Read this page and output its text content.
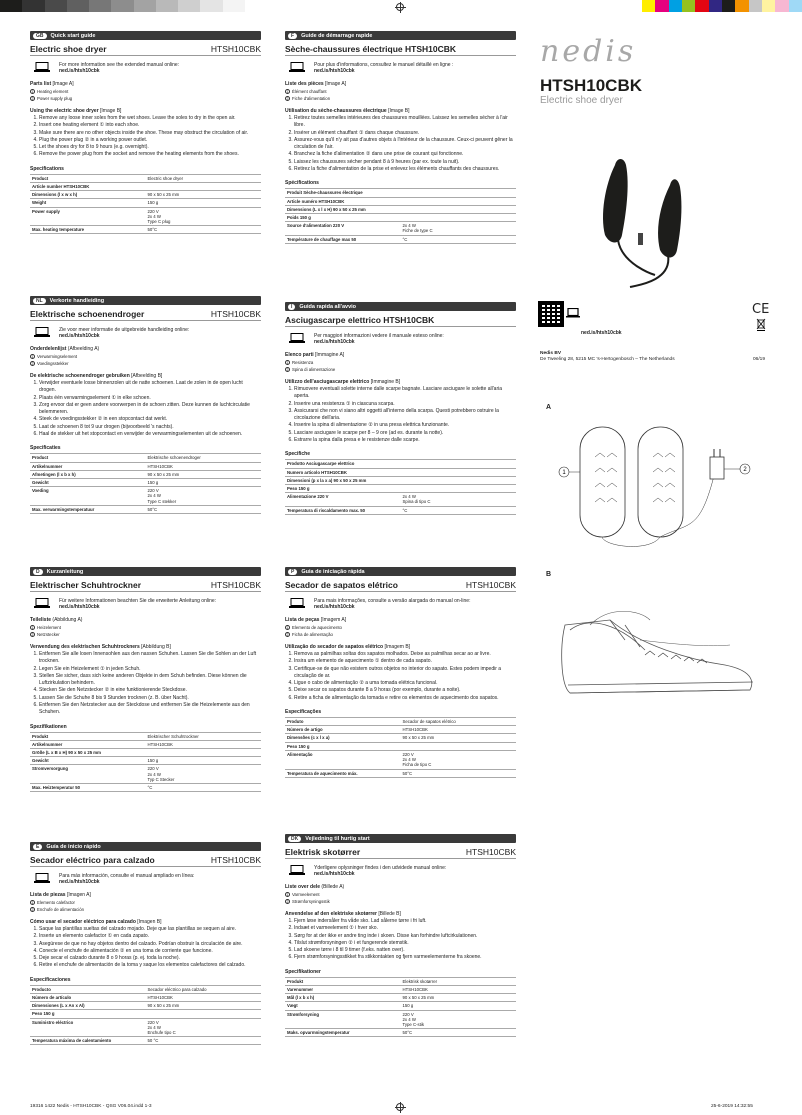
GB	Quick start guide
Electric shoe dryer	HTSH10CBK
For more information see the extended manual online:
ned.is/htsh10cbk
Parts list [Image A]
1 Heating element
2 Power supply plug
Using the electric shoe dryer [Image B]
1. Remove any loose inner soles from the wet shoes. Leave the soles to dry in the open air.
2. Insert one heating element ① into each shoe.
3. Make sure there are no other objects inside the shoe. These may obstruct the circulation of air.
4. Plug the power plug ② in a working power outlet.
5. Let the shoes dry for 8 to 9 hours (e.g. overnight).
6. Remove the power plug from the socket and remove the heating elements from the shoes.
Specifications
Product	Electric shoe dryer
Article number HTSH10CBK	
Dimensions (l x w x h)	90 x 50 x 25 mm
Weight	150 g
Power supply	220 V
2x 4 W
Type C plug
Max. heating temperature	50°C
NL	Verkorte handleiding
Elektrische schoenendroger	HTSH10CBK
Zie voor meer informatie de uitgebreide handleiding online:
ned.is/htsh10cbk
Onderdelenlijst (Afbeelding A)
1 Verwarmingselement
2 Voedingsstekker
De elektrische schoenendroger gebruiken [Afbeelding B]
1. Verwijder eventuele losse binnenzolen uit de natte schoenen. Laat de zolen in de open lucht drogen.
2. Plaats één verwarmingselement ① in elke schoen.
3. Zorg ervoor dat er geen andere voorwerpen in de schoen zitten. Deze kunnen de luchtcirculatie belemmeren.
4. Steek de voedingsstekker ② in een stopcontact dat werkt.
5. Laat de schoenen 8 tot 9 uur drogen (bijvoorbeeld 's nachts).
6. Haal de stekker uit het stopcontact en verwijder de verwarmingselementen uit de schoenen.
Specificaties
Product	Elektrische schoenendroger
Artikelnummer	HTSH10CBK
Afmetingen (l x b x h)	90 x 50 x 25 mm
Gewicht	150 g
Voeding	220 V
2x 4 W
Type C stekker
Max. verwarmingstemperatuur	50°C
D	Kurzanleitung
Elektrischer Schuhtrockner	HTSH10CBK
Für weitere Informationen beachten Sie die erweiterte Anleitung online:
ned.is/htsh10cbk
Teileliste (Abbildung A)
1 Heizelement
2 Netzstecker
Verwendung des elektrischen Schuhtrockners [Abbildung B]
1. Entfernen Sie alle losen Innensohlen aus den nassen Schuhen. Lassen Sie die Sohlen an der Luft trocknen.
2. Legen Sie ein Heizelement ① in jeden Schuh.
3. Stellen Sie sicher, dass sich keine anderen Objekte in dem Schuh befinden. Diese können die Luftzirkulation behindern.
4. Stecken Sie den Netzstecker ② in eine funktionierende Steckdose.
5. Lassen Sie die Schuhe 8 bis 9 Stunden trocknen (z. B. über Nacht).
6. Entfernen Sie den Netzstecker aus der Steckdose und entfernen Sie die Heizelemente aus den Schuhen.
Spezifikationen
Produkt	Elektrischer Schuhtrockner
Artikelnummer	HTSH10CBK
Größe (L x B x H) 90 x 50 x 25 mm	
Gewicht	150 g
Stromversorgung	220 V
2x 4 W
Typ C Stecker
Max. Heiztemperatur 50	°C
E	Guía de inicio rápido
Secador eléctrico para calzado	HTSH10CBK
Para más información, consulte el manual ampliado en línea:
ned.is/htsh10cbk
Lista de piezas [Imagen A]
1 Elemento calefactor
2 Enchufe de alimentación
Cómo usar el secador eléctrico para calzado [Imagen B]
1. Saque las plantillas sueltas del calzado mojado. Deje que las plantillas se sequen al aire.
2. Inserte un elemento calefactor ① en cada zapato.
3. Asegúrese de que no hay objetos dentro del calzado. Podrían obstruir la circulación de aire.
4. Conecte el enchufe de alimentación ② en una toma de corriente que funcione.
5. Deje secar el calzado durante 8 o 9 horas (p. ej. toda la noche).
6. Retire el enchufe de alimentación de la toma y saque los elementos calefactores del calzado.
Especificaciones
Producto	Secador eléctrico para calzado
Número de artículo	HTSH10CBK
Dimensiones (L x An x Al)	90 x 50 x 25 mm
Peso 150 g	
Suministro eléctrico	220 V
2x 4 W
Enchufe tipo C
Temperatura máxima de calentamiento	50 °C
F	Guide de démarrage rapide
Sèche-chaussures électrique HTSH10CBK
Pour plus d'informations, consultez le manuel détaillé en ligne :
ned.is/htsh10cbk
Liste des pièces [Image A]
1 Élément chauffant
2 Fiche d'alimentation
Utilisation du sèche-chaussures électrique [Image B]
1. Retirez toutes semelles intérieures des chaussures mouillées. Laissez les semelles sécher à l'air libre.
2. Insérer un élément chauffant ① dans chaque chaussure.
3. Assurez-vous qu'il n'y ait pas d'autres objets à l'intérieur de la chaussure. Ceux-ci peuvent gêner la circulation de l'air.
4. Branchez la fiche d'alimentation ② dans une prise de courant qui fonctionne.
5. Laissez les chaussures sécher pendant 8 à 9 heures (par ex. toute la nuit).
6. Retirez la fiche d'alimentation de la prise et enlevez les éléments chauffants des chaussures.
Spécifications
Produit Sèche-chaussures électrique	
Article numéro HTSH10CBK	
Dimensions (L x l x H) 90 x 50 x 25 mm	
Poids 150 g	
Source d'alimentation 220 V	2x 4 W
Fiche de type C
Température de chauffage max 50	°C
I	Guida rapida all'avvio
Asciugascarpe elettrico HTSH10CBK
Per maggiori informazioni vedere il manuale esteso online:
ned.is/htsh10cbk
Elenco parti [Immagine A]
1 Resistenza
2 Spina di alimentazione
Utilizzo dell'asciugascarpe elettrico [Immagine B]
1. Rimuovere eventuali solette interne dalle scarpe bagnate. Lasciare asciugare le solette all'aria aperta.
2. Inserire una resistenza ① in ciascuna scarpa.
3. Assicurarsi che non vi siano altri oggetti all'interno della scarpa. Questi potrebbero ostruire la circolazione dell'aria.
4. Inserire la spina di alimentazione ② in una presa elettrica funzionante.
5. Lasciare asciugare le scarpe per 8 – 9 ore (ad es. durante la notte).
6. Estrarre la spina dalla presa e le resistenze dalle scarpe.
Specifiche
Prodotto Asciugascarpe elettrico	
Numero articolo HTSH10CBK	
Dimensioni (p x la x a) 90 x 50 x 25 mm	
Peso 150 g	
Alimentazione 220 V	2x 4 W
Spina di tipo C
Temperatura di riscaldamento max. 50	°C
P	Guia de iniciação rápida
Secador de sapatos elétrico	HTSH10CBK
Para mais informações, consulte a versão alargada do manual on-line:
ned.is/htsh10cbk
Lista de peças [Imagem A]
1 Elemento de aquecimento
2 Ficha de alimentação
Utilização do secador de sapatos elétrico [Imagem B]
1. Remova as palmilhas soltas dos sapatos molhados. Deixe as palmilhas secar ao ar livre.
2. Insira um elemento de aquecimento ① dentro de cada sapato.
3. Certifique-se de que não existem outros objetos no interior do sapato. Estes podem impedir a circulação de ar.
4. Ligue o cabo de alimentação ② a uma tomada elétrica funcional.
5. Deixe secar os sapatos durante 8 a 9 horas (por exemplo, durante a noite).
6. Retire a ficha de alimentação da tomada e retire os elementos de aquecimento dos sapatos.
Especificações
Produto	Secador de sapatos elétrico
Número de artigo	HTSH10CBK
Dimensões (c x l x a)	90 x 50 x 25 mm
Peso 150 g	
Alimentação	220 V
2x 4 W
Ficha de tipo C
Temperatura de aquecimento máx.	50°C
DK	Vejledning til hurtig start
Elektrisk skotørrer	HTSH10CBK
Yderligere oplysninger findes i den udvidede manual online:
ned.is/htsh10cbk
Liste over dele (Billede A)
1 Varmeelement
2 Strømforsyningsstik
Anvendelse af den elektriske skotørrer [Billede B]
1. Fjern løse indersåler fra våde sko. Lad sålerne tørre i fri luft.
2. Indsæt et varmeelement ① i hver sko.
3. Sørg for at der ikke er andre ting inde i skoen. Disse kan forhindre luftcirkulationen.
4. Tilslut strømforsyningen ② i et fungerende stemstik.
5. Lad skoene tørre i 8 til 9 timer (f.eks. natten over).
6. Fjern strømforsyningsstikket fra stikkontakten og fjern varmeelementerne fra skoene.
Specifikationer
Produkt	Elektrisk skotørrer
Varenummer	HTSH10CBK
Mål (l x b x h)	90 x 50 x 25 mm
Vægt	150 g
Strømforsyning	220 V
2x 4 W
Type C-stik
Maks. opvarmningstemperatur	50°C
nedis
HTSH10CBK
Electric shoe dryer
ned.is/htsh10cbk
CE
Nedis BV
De Tweeling 28, 5215 MC 's-Hertogenbosch – The Netherlands	06/19
A
1	2
B
19316 1422 Nedis - HTSH10CBK - QSG V06.04.indd 1-3	25-6-2019 14:32:55
